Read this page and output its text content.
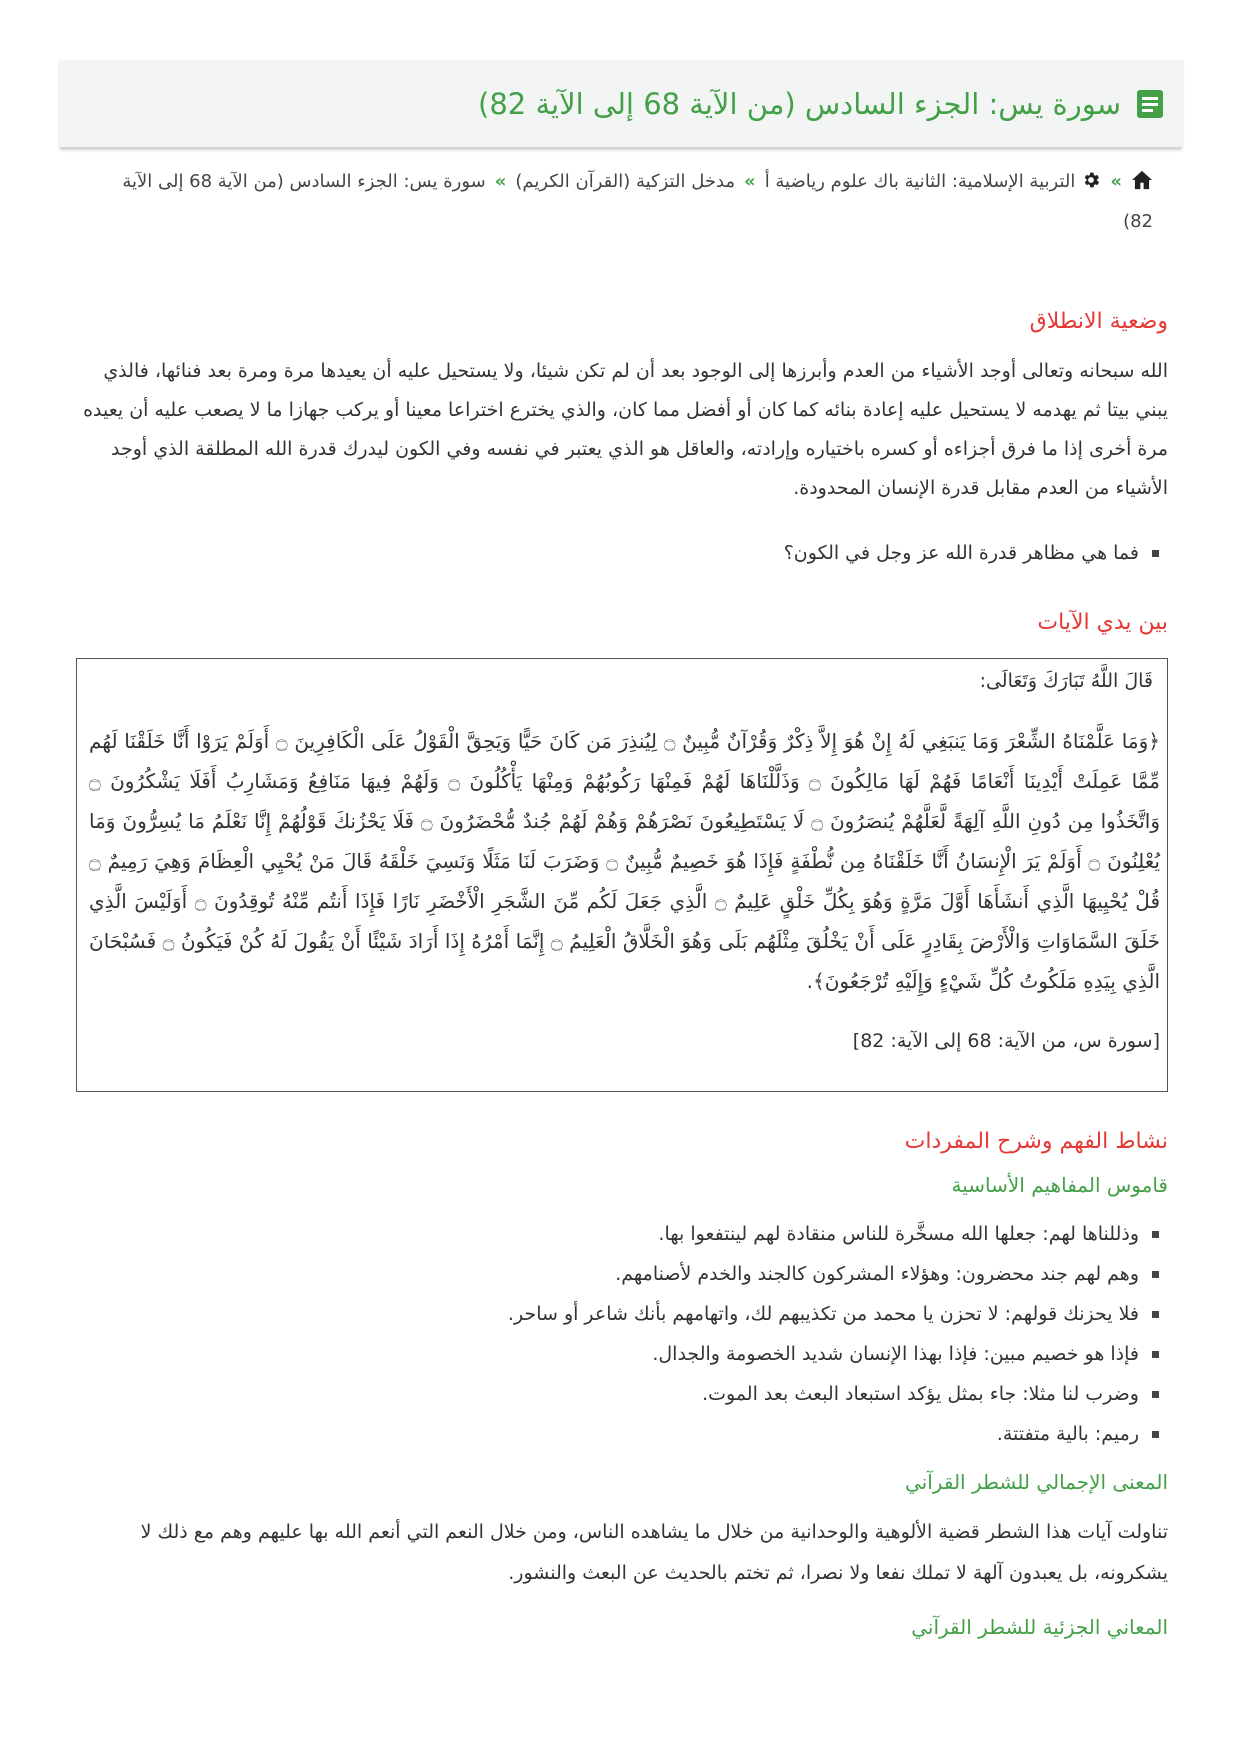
سورة يس: الجزء السادس (من الآية 68 إلى الآية 82)
»التربية الإسلامية: الثانية باك علوم رياضية أ»مدخل التزكية (القرآن الكريم)»سورة يس: الجزء السادس (من الآية 68 إلى الآية 82)
وضعية الانطلاق

الله سبحانه وتعالى أوجد الأشياء من العدم وأبرزها إلى الوجود بعد أن لم تكن شيئا، ولا يستحيل عليه أن يعيدها مرة ومرة بعد فنائها، فالذي يبني بيتا ثم يهدمه لا يستحيل عليه إعادة بنائه كما كان أو أفضل مما كان، والذي يخترع اختراعا معينا أو يركب جهازا ما لا يصعب عليه أن يعيده مرة أخرى إذا ما فرق أجزاءه أو كسره باختياره وإرادته، والعاقل هو الذي يعتبر في نفسه وفي الكون ليدرك قدرة الله المطلقة الذي أوجد الأشياء من العدم مقابل قدرة الإنسان المحدودة.

فما هي مظاهر قدرة الله عز وجل في الكون؟
بين يدي الآيات
قَالَ اللَّهُ تَبَارَكَ وَتَعَالَى:
﴿وَمَا عَلَّمْنَاهُ الشِّعْرَ وَمَا يَنبَغِي لَهُ إِنْ هُوَ إِلاَّ ذِكْرٌ وَقُرْآنٌ مُّبِينٌ ۝ لِيُنذِرَ مَن كَانَ حَيًّا وَيَحِقَّ الْقَوْلُ عَلَى الْكَافِرِينَ ۝ أَوَلَمْ يَرَوْا أَنَّا خَلَقْنَا لَهُم مِّمَّا عَمِلَتْ أَيْدِينَا أَنْعَامًا فَهُمْ لَهَا مَالِكُونَ ۝ وَذَلَّلْنَاهَا لَهُمْ فَمِنْهَا رَكُوبُهُمْ وَمِنْهَا يَأْكُلُونَ ۝ وَلَهُمْ فِيهَا مَنَافِعُ وَمَشَارِبُ أَفَلَا يَشْكُرُونَ ۝ وَاتَّخَذُوا مِن دُونِ اللَّهِ آلِهَةً لَّعَلَّهُمْ يُنصَرُونَ ۝ لَا يَسْتَطِيعُونَ نَصْرَهُمْ وَهُمْ لَهُمْ جُندٌ مُّحْضَرُونَ ۝ فَلَا يَحْزُنكَ قَوْلُهُمْ إِنَّا نَعْلَمُ مَا يُسِرُّونَ وَمَا يُعْلِنُونَ ۝ أَوَلَمْ يَرَ الْإِنسَانُ أَنَّا خَلَقْنَاهُ مِن نُّطْفَةٍ فَإِذَا هُوَ خَصِيمٌ مُّبِينٌ ۝ وَضَرَبَ لَنَا مَثَلًا وَنَسِيَ خَلْقَهُ قَالَ مَنْ يُحْيِي الْعِظَامَ وَهِيَ رَمِيمٌ ۝ قُلْ يُحْيِيهَا الَّذِي أَنشَأَهَا أَوَّلَ مَرَّةٍ وَهُوَ بِكُلِّ خَلْقٍ عَلِيمٌ ۝ الَّذِي جَعَلَ لَكُم مِّنَ الشَّجَرِ الْأَخْضَرِ نَارًا فَإِذَا أَنتُم مِّنْهُ تُوقِدُونَ ۝ أَوَلَيْسَ الَّذِي خَلَقَ السَّمَاوَاتِ وَالْأَرْضَ بِقَادِرٍ عَلَى أَنْ يَخْلُقَ مِثْلَهُم بَلَى وَهُوَ الْخَلَّاقُ الْعَلِيمُ ۝ إِنَّمَا أَمْرُهُ إِذَا أَرَادَ شَيْئًا أَنْ يَقُولَ لَهُ كُنْ فَيَكُونُ ۝ فَسُبْحَانَ الَّذِي بِيَدِهِ مَلَكُوتُ كُلِّ شَيْءٍ وَإِلَيْهِ تُرْجَعُونَ﴾.
[سورة س، من الآية: 68 إلى الآية: 82]
نشاط الفهم وشرح المفردات
قاموس المفاهيم الأساسية
وذللناها لهم: جعلها الله مسخَّرة للناس منقادة لهم لينتفعوا بها.
وهم لهم جند محضرون: وهؤلاء المشركون كالجند والخدم لأصنامهم.
فلا يحزنك قولهم: لا تحزن يا محمد من تكذيبهم لك، واتهامهم بأنك شاعر أو ساحر.
فإذا هو خصيم مبين: فإذا بهذا الإنسان شديد الخصومة والجدال.
وضرب لنا مثلا: جاء بمثل يؤكد استبعاد البعث بعد الموت.
رميم: بالية متفتتة.
المعنى الإجمالي للشطر القرآني

تناولت آيات هذا الشطر قضية الألوهية والوحدانية من خلال ما يشاهده الناس، ومن خلال النعم التي أنعم الله بها عليهم وهم مع ذلك لا يشكرونه، بل يعبدون آلهة لا تملك نفعا ولا نصرا، ثم تختم بالحديث عن البعث والنشور.

المعاني الجزئية للشطر القرآني
